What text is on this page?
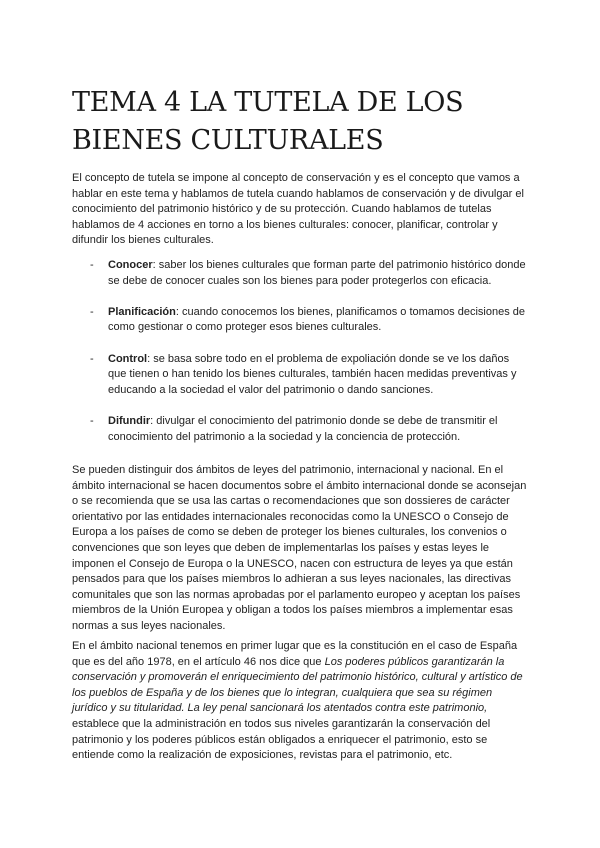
TEMA 4 LA TUTELA DE LOS BIENES CULTURALES

El concepto de tutela se impone al concepto de conservación y es el concepto que vamos a hablar en este tema y hablamos de tutela cuando hablamos de conservación y de divulgar el conocimiento del patrimonio histórico y de su protección. Cuando hablamos de tutelas hablamos de 4 acciones en torno a los bienes culturales: conocer, planificar, controlar y difundir los bienes culturales.

- Conocer: saber los bienes culturales que forman parte del patrimonio histórico donde se debe de conocer cuales son los bienes para poder protegerlos con eficacia.
- Planificación: cuando conocemos los bienes, planificamos o tomamos decisiones de como gestionar o como proteger esos bienes culturales.
- Control: se basa sobre todo en el problema de expoliación donde se ve los daños que tienen o han tenido los bienes culturales, también hacen medidas preventivas y educando a la sociedad el valor del patrimonio o dando sanciones.
- Difundir: divulgar el conocimiento del patrimonio donde se debe de transmitir el conocimiento del patrimonio a la sociedad y la conciencia de protección.

Se pueden distinguir dos ámbitos de leyes del patrimonio, internacional y nacional. En el ámbito internacional se hacen documentos sobre el ámbito internacional donde se aconsejan o se recomienda que se usa las cartas o recomendaciones que son dossieres de carácter orientativo por las entidades internacionales reconocidas como la UNESCO o Consejo de Europa a los países de como se deben de proteger los bienes culturales, los convenios o convenciones que son leyes que deben de implementarlas los países y estas leyes le imponen el Consejo de Europa o la UNESCO, nacen con estructura de leyes ya que están pensados para que los países miembros lo adhieran a sus leyes nacionales, las directivas comunitales que son las normas aprobadas por el parlamento europeo y aceptan los países miembros de la Unión Europea y obligan a todos los países miembros a implementar esas normas a sus leyes nacionales.

En el ámbito nacional tenemos en primer lugar que es la constitución en el caso de España que es del año 1978, en el artículo 46 nos dice que Los poderes públicos garantizarán la conservación y promoverán el enriquecimiento del patrimonio histórico, cultural y artístico de los pueblos de España y de los bienes que lo integran, cualquiera que sea su régimen jurídico y su titularidad. La ley penal sancionará los atentados contra este patrimonio, establece que la administración en todos sus niveles garantizarán la conservación del patrimonio y los poderes públicos están obligados a enriquecer el patrimonio, esto se entiende como la realización de exposiciones, revistas para el patrimonio, etc.
